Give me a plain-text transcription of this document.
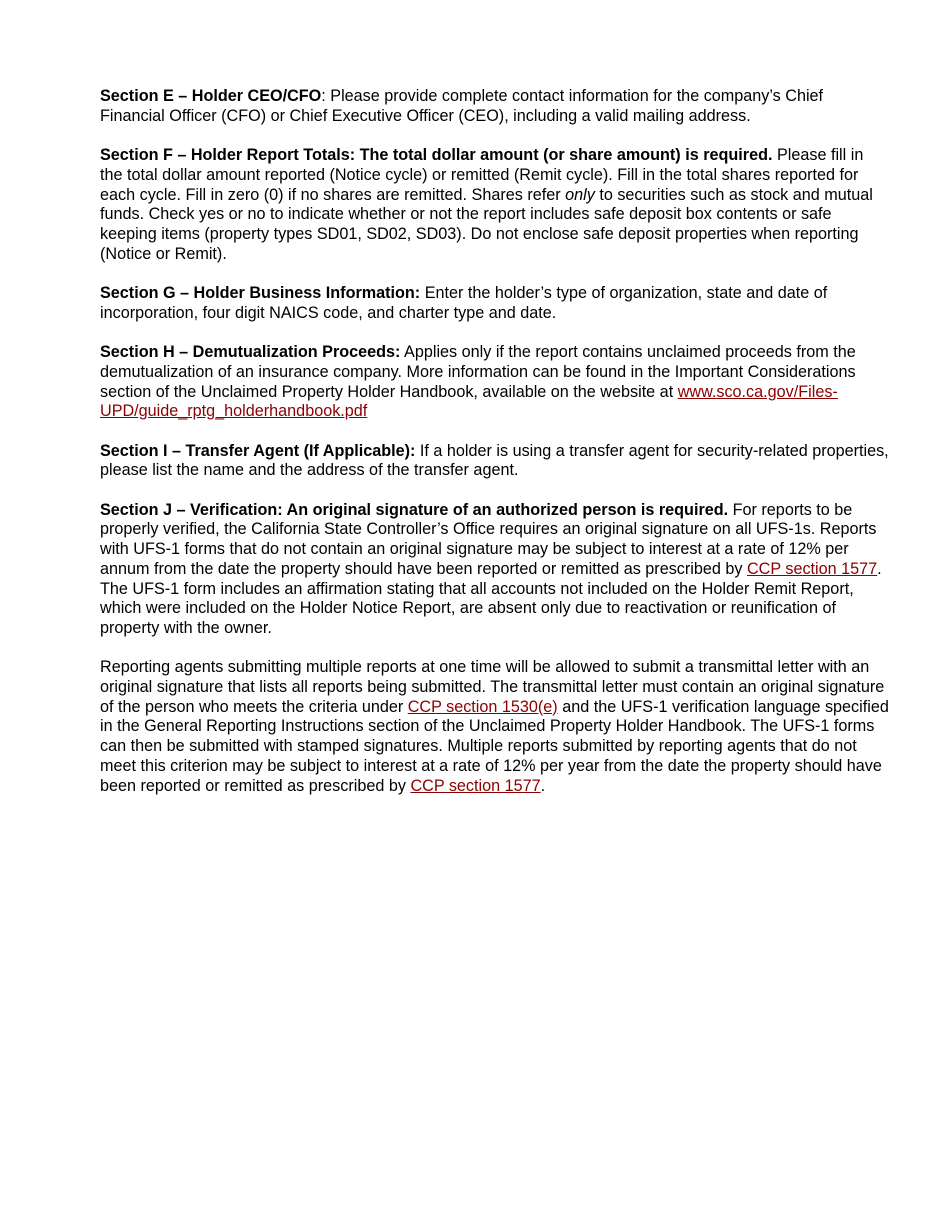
Section E – Holder CEO/CFO: Please provide complete contact information for the company’s Chief Financial Officer (CFO) or Chief Executive Officer (CEO), including a valid mailing address.

Section F – Holder Report Totals: The total dollar amount (or share amount) is required. Please fill in the total dollar amount reported (Notice cycle) or remitted (Remit cycle). Fill in the total shares reported for each cycle. Fill in zero (0) if no shares are remitted. Shares refer only to securities such as stock and mutual funds. Check yes or no to indicate whether or not the report includes safe deposit box contents or safe keeping items (property types SD01, SD02, SD03). Do not enclose safe deposit properties when reporting (Notice or Remit).

Section G – Holder Business Information: Enter the holder’s type of organization, state and date of incorporation, four digit NAICS code, and charter type and date.

Section H – Demutualization Proceeds: Applies only if the report contains unclaimed proceeds from the demutualization of an insurance company. More information can be found in the Important Considerations section of the Unclaimed Property Holder Handbook, available on the website at www.sco.ca.gov/Files-UPD/guide_rptg_holderhandbook.pdf

Section I – Transfer Agent (If Applicable): If a holder is using a transfer agent for security-related properties, please list the name and the address of the transfer agent.

Section J – Verification: An original signature of an authorized person is required. For reports to be properly verified, the California State Controller’s Office requires an original signature on all UFS-1s. Reports with UFS-1 forms that do not contain an original signature may be subject to interest at a rate of 12% per annum from the date the property should have been reported or remitted as prescribed by CCP section 1577. The UFS-1 form includes an affirmation stating that all accounts not included on the Holder Remit Report, which were included on the Holder Notice Report, are absent only due to reactivation or reunification of property with the owner.

Reporting agents submitting multiple reports at one time will be allowed to submit a transmittal letter with an original signature that lists all reports being submitted. The transmittal letter must contain an original signature of the person who meets the criteria under CCP section 1530(e) and the UFS-1 verification language specified in the General Reporting Instructions section of the Unclaimed Property Holder Handbook. The UFS-1 forms can then be submitted with stamped signatures. Multiple reports submitted by reporting agents that do not meet this criterion may be subject to interest at a rate of 12% per year from the date the property should have been reported or remitted as prescribed by CCP section 1577.
